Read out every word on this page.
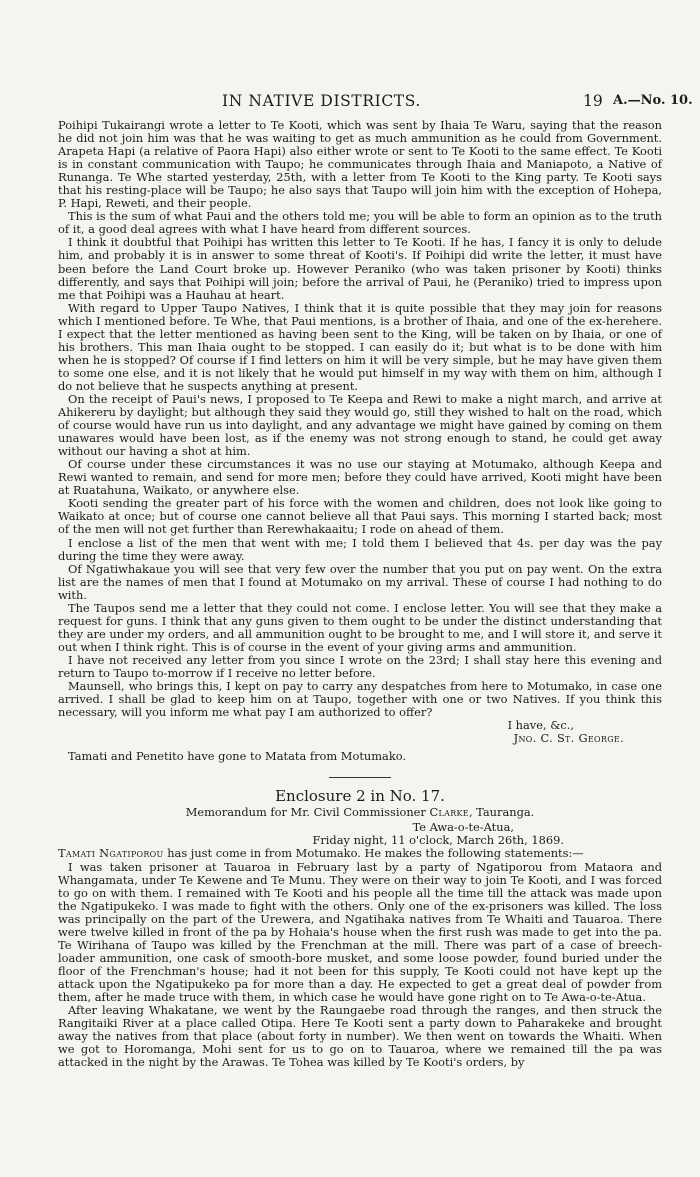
IN NATIVE DISTRICTS.	19 A.—No. 10.

Poihipi Tukairangi wrote a letter to Te Kooti, which was sent by Ihaia Te Waru, saying that the reason he did not join him was that he was waiting to get as much ammunition as he could from Government. Arapeta Hapi (a relative of Paora Hapi) also either wrote or sent to Te Kooti to the same effect. Te Kooti is in constant communication with Taupo; he communicates through Ihaia and Maniapoto, a Native of Runanga. Te Whe started yesterday, 25th, with a letter from Te Kooti to the King party. Te Kooti says that his resting-place will be Taupo; he also says that Taupo will join him with the exception of Hohepa, P. Hapi, Reweti, and their people.

This is the sum of what Paui and the others told me; you will be able to form an opinion as to the truth of it, a good deal agrees with what I have heard from different sources.

I think it doubtful that Poihipi has written this letter to Te Kooti. If he has, I fancy it is only to delude him, and probably it is in answer to some threat of Kooti's. If Poihipi did write the letter, it must have been before the Land Court broke up. However Peraniko (who was taken prisoner by Kooti) thinks differently, and says that Poihipi will join; before the arrival of Paui, he (Peraniko) tried to impress upon me that Poihipi was a Hauhau at heart.

With regard to Upper Taupo Natives, I think that it is quite possible that they may join for reasons which I mentioned before. Te Whe, that Paui mentions, is a brother of Ihaia, and one of the ex-herehere. I expect that the letter mentioned as having been sent to the King, will be taken on by Ihaia, or one of his brothers. This man Ihaia ought to be stopped. I can easily do it; but what is to be done with him when he is stopped? Of course if I find letters on him it will be very simple, but he may have given them to some one else, and it is not likely that he would put himself in my way with them on him, although I do not believe that he suspects anything at present.

On the receipt of Paui's news, I proposed to Te Keepa and Rewi to make a night march, and arrive at Ahikereru by daylight; but although they said they would go, still they wished to halt on the road, which of course would have run us into daylight, and any advantage we might have gained by coming on them unawares would have been lost, as if the enemy was not strong enough to stand, he could get away without our having a shot at him.

Of course under these circumstances it was no use our staying at Motumako, although Keepa and Rewi wanted to remain, and send for more men; before they could have arrived, Kooti might have been at Ruatahuna, Waikato, or anywhere else.

Kooti sending the greater part of his force with the women and children, does not look like going to Waikato at once; but of course one cannot believe all that Paui says. This morning I started back; most of the men will not get further than Rerewhakaaitu; I rode on ahead of them.

I enclose a list of the men that went with me; I told them I believed that 4s. per day was the pay during the time they were away.

Of Ngatiwhakaue you will see that very few over the number that you put on pay went. On the extra list are the names of men that I found at Motumako on my arrival. These of course I had nothing to do with.

The Taupos send me a letter that they could not come. I enclose letter. You will see that they make a request for guns. I think that any guns given to them ought to be under the distinct understanding that they are under my orders, and all ammunition ought to be brought to me, and I will store it, and serve it out when I think right. This is of course in the event of your giving arms and ammunition.

I have not received any letter from you since I wrote on the 23rd; I shall stay here this evening and return to Taupo to-morrow if I receive no letter before.

Maunsell, who brings this, I kept on pay to carry any despatches from here to Motumako, in case one arrived. I shall be glad to keep him on at Taupo, together with one or two Natives. If you think this necessary, will you inform me what pay I am authorized to offer?

I have, &c.,

Jno. C. St. George.

Tamati and Penetito have gone to Matata from Motumako.

Enclosure 2 in No. 17.

Memorandum for Mr. Civil Commissioner Clarke, Tauranga.

Te Awa-o-te-Atua,

Friday night, 11 o'clock, March 26th, 1869.

Tamati Ngatiporou has just come in from Motumako. He makes the following statements:—

I was taken prisoner at Tauaroa in February last by a party of Ngatiporou from Mataora and Whangamata, under Te Kewene and Te Munu. They were on their way to join Te Kooti, and I was forced to go on with them. I remained with Te Kooti and his people all the time till the attack was made upon the Ngatipukeko. I was made to fight with the others. Only one of the ex-prisoners was killed. The loss was principally on the part of the Urewera, and Ngatihaka natives from Te Whaiti and Tauaroa. There were twelve killed in front of the pa by Hohaia's house when the first rush was made to get into the pa. Te Wirihana of Taupo was killed by the Frenchman at the mill. There was part of a case of breech-loader ammunition, one cask of smooth-bore musket, and some loose powder, found buried under the floor of the Frenchman's house; had it not been for this supply, Te Kooti could not have kept up the attack upon the Ngatipukeko pa for more than a day. He expected to get a great deal of powder from them, after he made truce with them, in which case he would have gone right on to Te Awa-o-te-Atua.

After leaving Whakatane, we went by the Raungaebe road through the ranges, and then struck the Rangitaiki River at a place called Otipa. Here Te Kooti sent a party down to Paharakeke and brought away the natives from that place (about forty in number). We then went on towards the Whaiti. When we got to Horomanga, Mohi sent for us to go on to Tauaroa, where we remained till the pa was attacked in the night by the Arawas. Te Tohea was killed by Te Kooti's orders, by
